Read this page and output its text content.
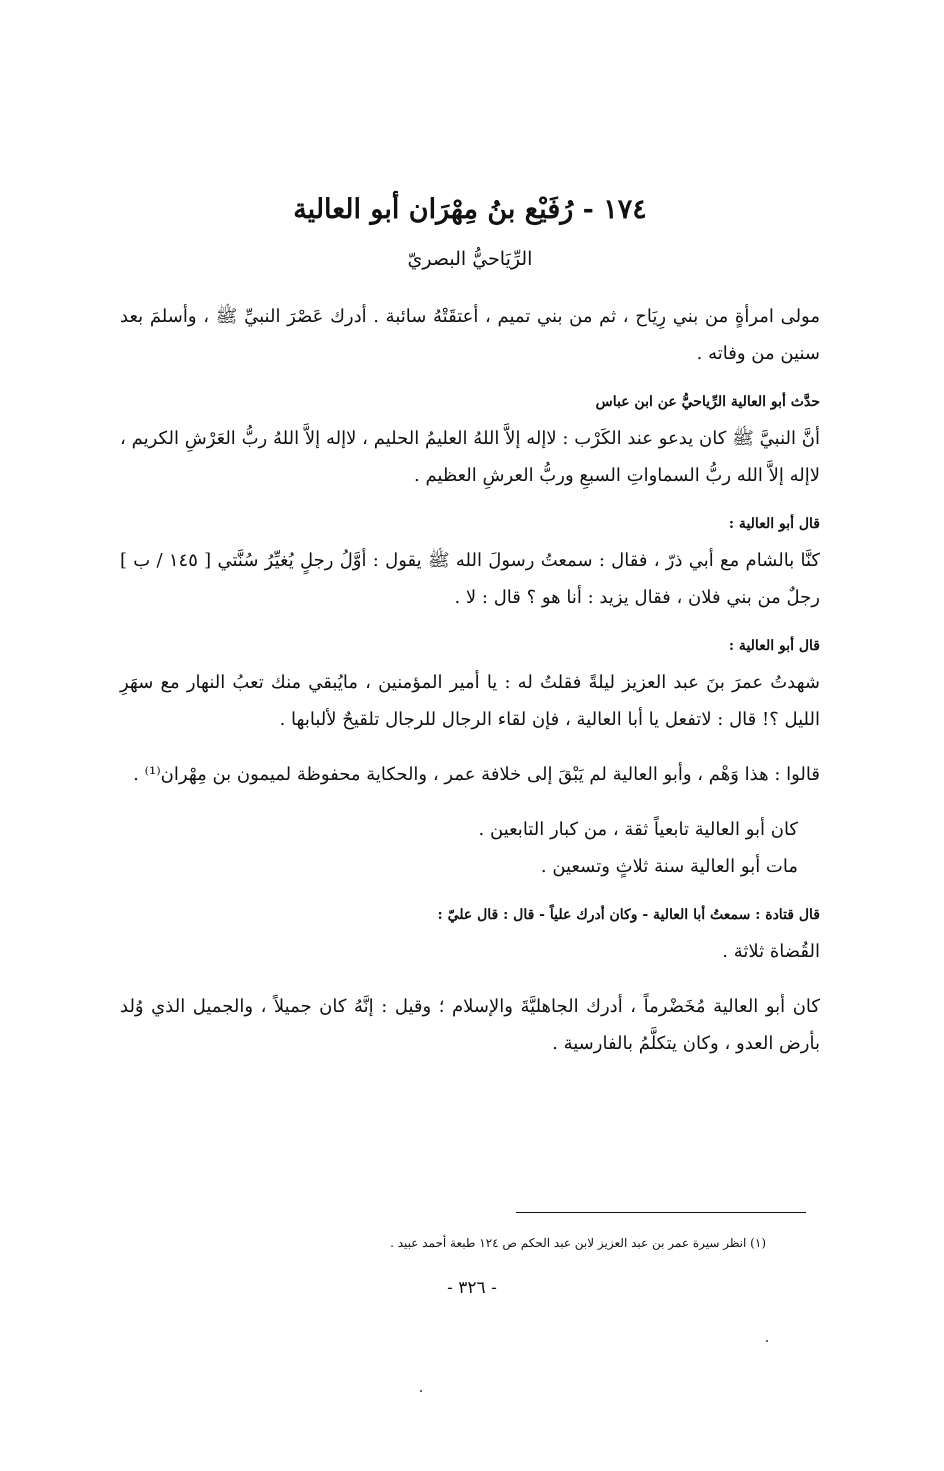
١٧٤ - رُفَيْع بنُ مِهْرَان أبو العالية
الرِّيَاحيُّ البصريّ

مولى امرأةٍ من بني رِيَاح ، ثم من بني تميم ، أعتقَتْهُ سائبة . أدرك عَصْرَ النبيِّ ﷺ ، وأسلمَ بعد سنين من وفاته .

حدَّث أبو العالية الرِّياحيُّ عن ابن عباس

أنَّ النبيَّ ﷺ كان يدعو عند الكَرْب : لاإله إلاَّ اللهُ العليمُ الحليم ، لاإله إلاَّ اللهُ ربُّ العَرْشِ الكريم ، لاإله إلاَّ الله ربُّ السماواتِ السبعِ وربُّ العرشِ العظيم .

قال أبو العالية :

كنَّا بالشام مع أبي ذرّ ، فقال : سمعتُ رسولَ الله ﷺ يقول : أوَّلُ رجلٍ يُغيِّرُ سُنَّتي [ ١٤٥ / ب ] رجلٌ من بني فلان ، فقال يزيد : أنا هو ؟ قال : لا .

قال أبو العالية :

شهدتُ عمرَ بنَ عبد العزيز ليلةً فقلتُ له : يا أمير المؤمنين ، مايُبقي منك تعبُ النهار مع سهَرِ الليل ؟! قال : لاتفعل يا أبا العالية ، فإن لقاء الرجال للرجال تلقيحٌ لألبابها .

قالوا : هذا وَهْم ، وأبو العالية لم يَبْقَ إلى خلافة عمر ، والحكاية محفوظة لميمون بن مِهْران⁽¹⁾ .

كان أبو العالية تابعياً ثقة ، من كبار التابعين .

مات أبو العالية سنة ثلاثٍ وتسعين .

قال قتادة : سمعتُ أبا العالية - وكان أدرك علياً - قال : قال عليّ :

القُضاة ثلاثة .

كان أبو العالية مُخَضْرماً ، أدرك الجاهليَّةَ والإسلام ؛ وقيل : إنَّهُ كان جميلاً ، والجميل الذي وُلد بأرض العدو ، وكان يتكلَّمُ بالفارسية .

(١) انظر سيرة عمر بن عبد العزيز لابن عبد الحكم ص ١٢٤ طبعة أحمد عبيد .
- ٣٢٦ -
